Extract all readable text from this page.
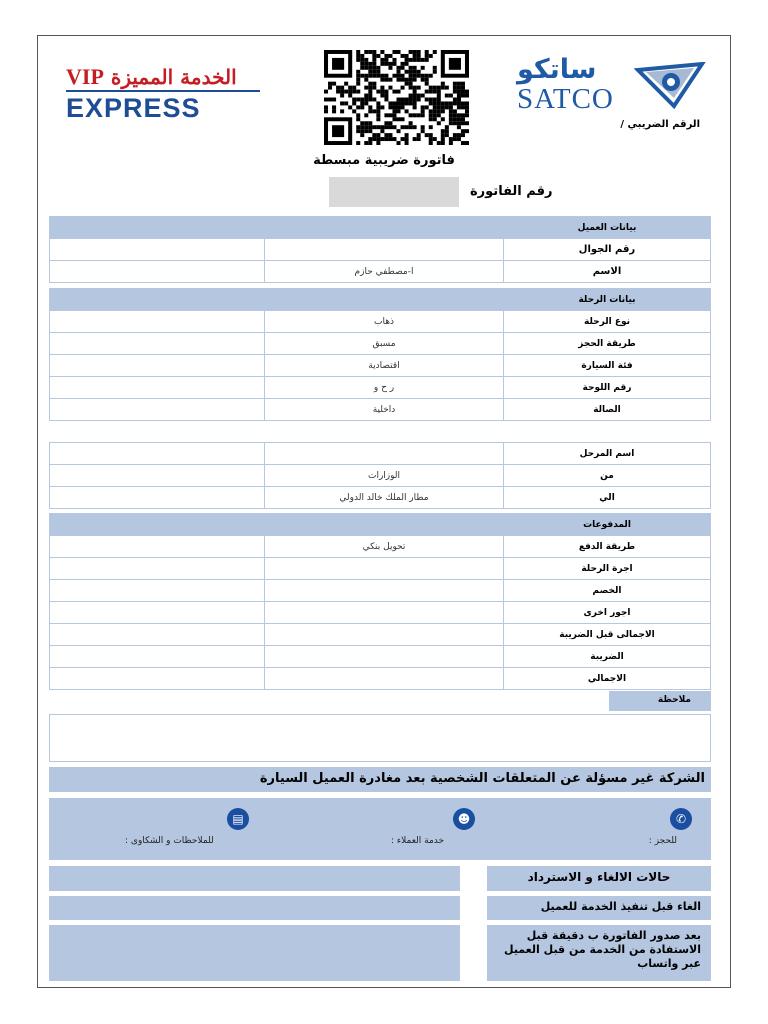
الخدمة المميزة VIP
EXPRESS
ساتكو
SATCO
الرقم الضريبي /
فاتورة ضريبية مبسطة
رقم الفاتورة
		بيانات العميل
		رقم الجوال
	ا-مصطفي حازم	الاسم
		بيانات الرحلة
	ذهاب	نوع الرحلة
	مسبق	طريقة الحجز
	اقتصادية	فئة السيارة
	ر ح و	رقم اللوحة
	داخلية	الصالة
		اسم المرحل
	الوزارات	من
	مطار الملك خالد الدولي	الي
		المدفوعات
	تحويل بنكي	طريقة الدفع
		اجرة الرحلة
		الخصم
		اجور اخرى
		الاجمالى قبل الضريبة
		الضريبة
		الاجمالي
ملاحظة
الشركة غير مسؤلة عن المتعلقات الشخصية بعد مغادرة العميل السيارة
✆
للحجز :
☻
خدمة العملاء :
▤
للملاحظات و الشكاوى :
حالات الالغاء و الاسترداد
الغاء قبل تنفيذ الخدمة للعميل
بعد صدور الفاتورة ب دقيقة قبل الاستفادة من الخدمة من قبل العميل عبر واتساب
